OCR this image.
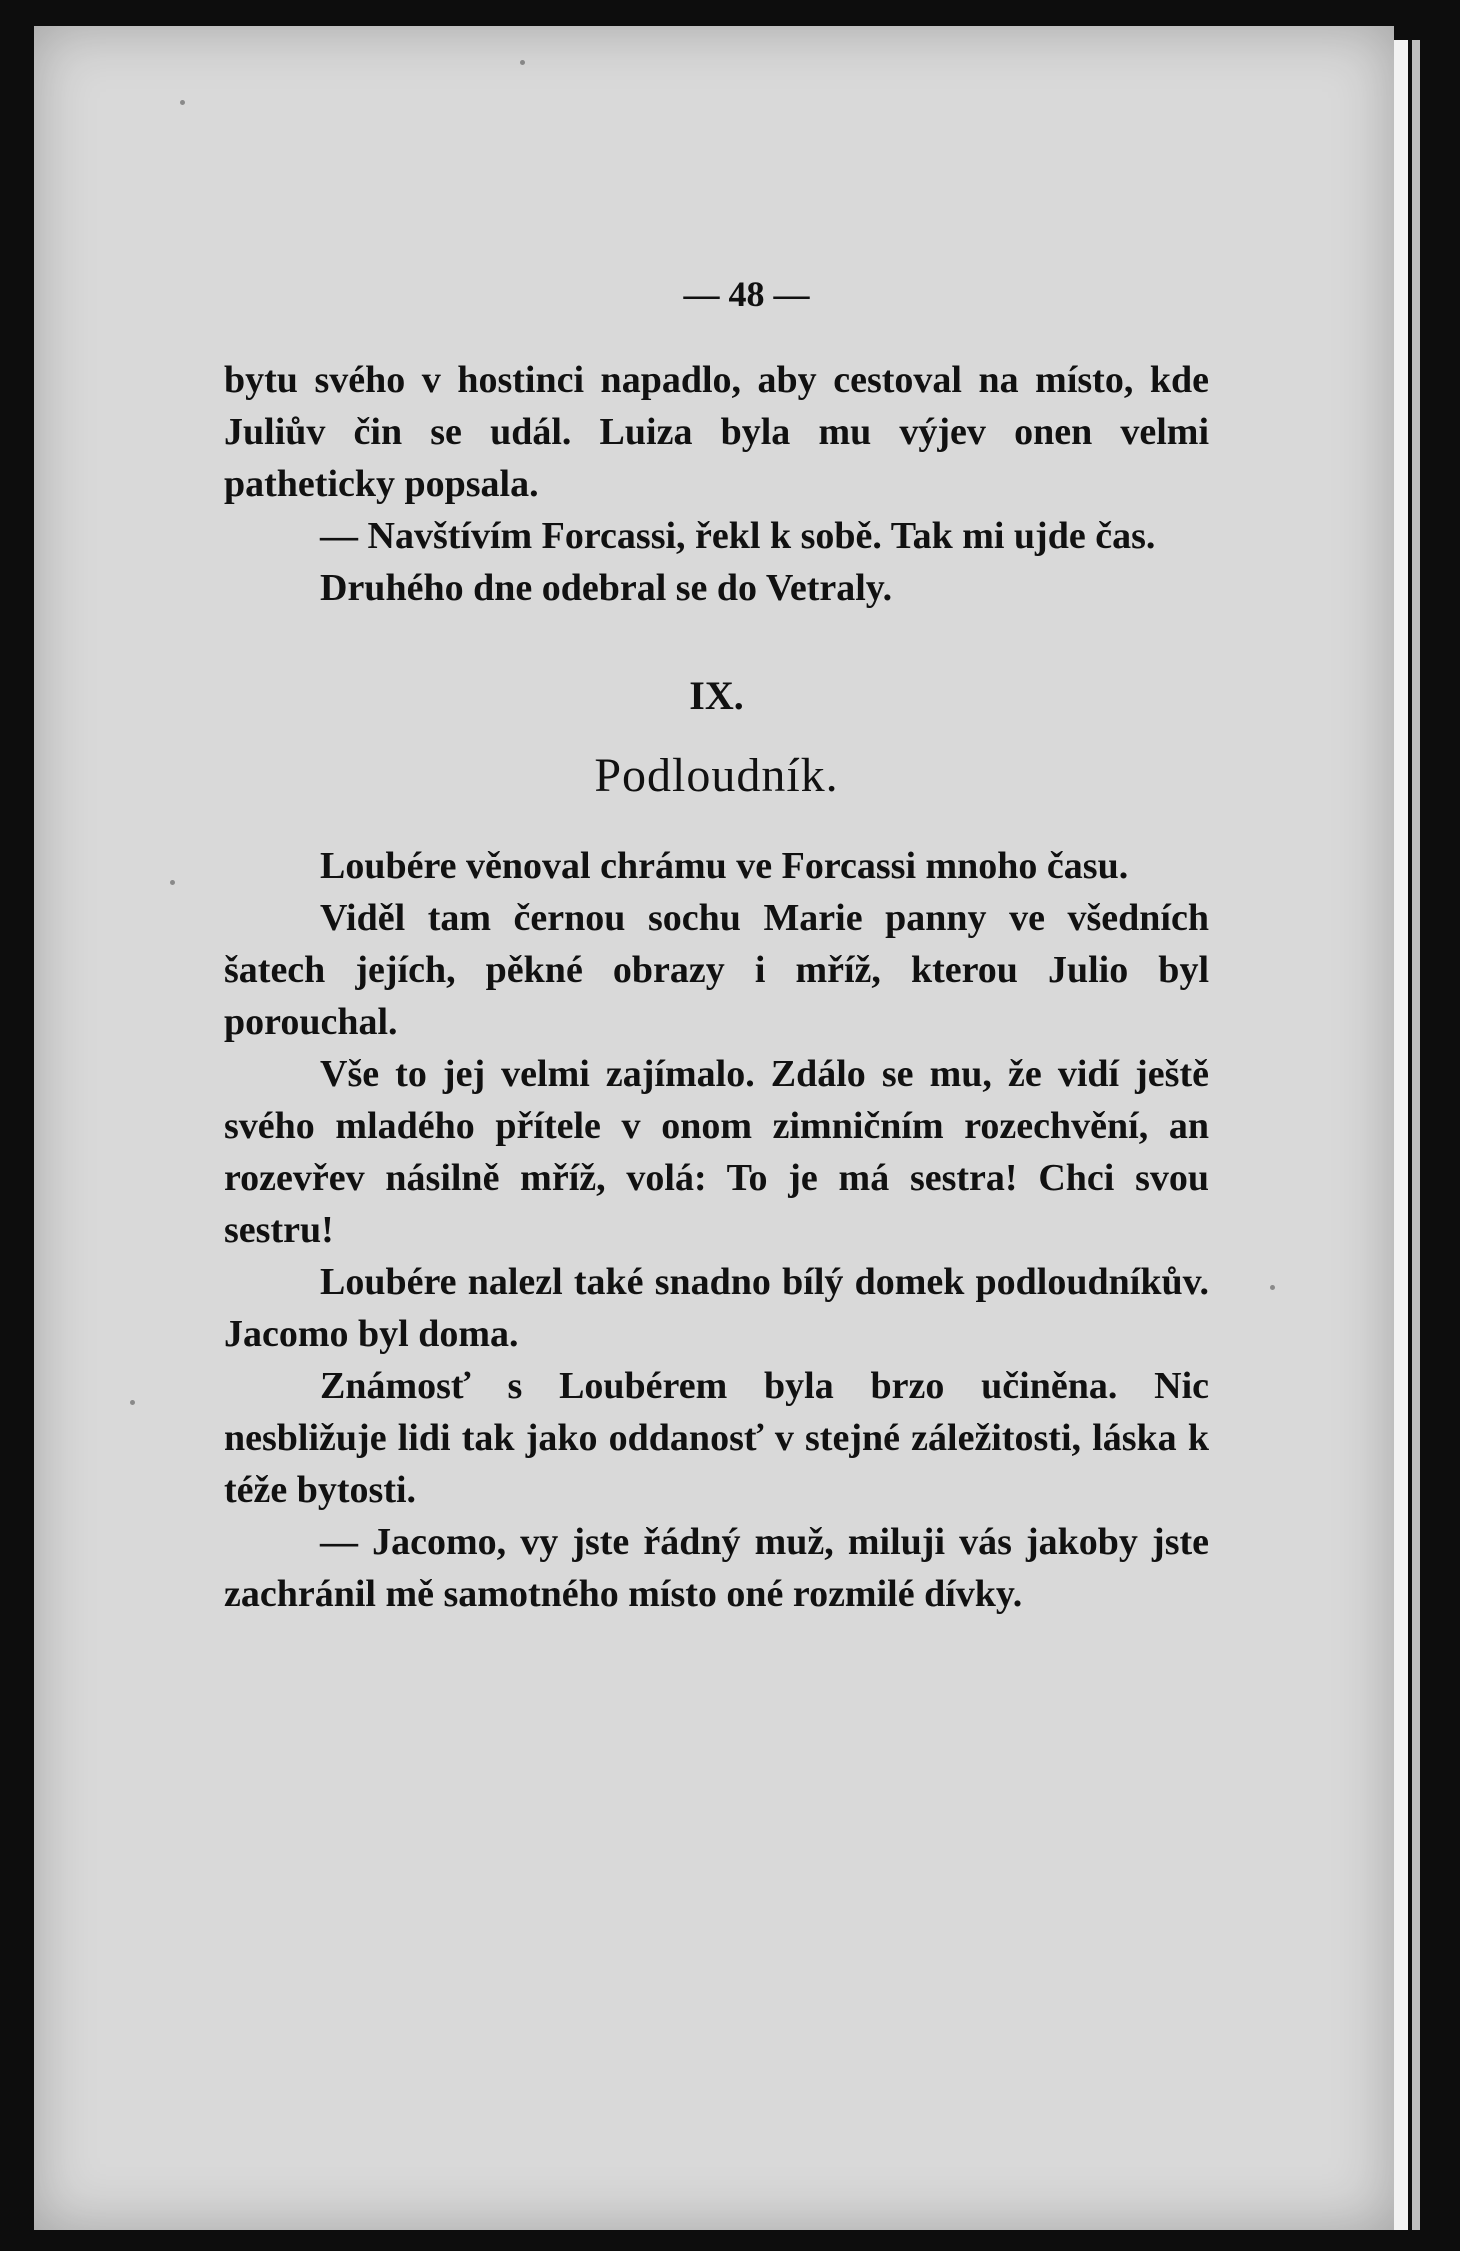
— 48 —

bytu svého v hostinci napadlo, aby cestoval na místo, kde Juliův čin se udál. Luiza byla mu výjev onen velmi patheticky popsala.

— Navštívím Forcassi, řekl k sobě. Tak mi ujde čas.

Druhého dne odebral se do Vetraly.

IX.
Podloudník.

Loubére věnoval chrámu ve Forcassi mnoho času.

Viděl tam černou sochu Marie panny ve všedních šatech jejích, pěkné obrazy i mříž, kterou Julio byl porouchal.

Vše to jej velmi zajímalo. Zdálo se mu, že vidí ještě svého mladého přítele v onom zimničním rozechvění, an rozevřev násilně mříž, volá: To je má sestra! Chci svou sestru!

Loubére nalezl také snadno bílý domek podloudníkův. Jacomo byl doma.

Známosť s Loubérem byla brzo učiněna. Nic nesbližuje lidi tak jako oddanosť v stejné záležitosti, láska k téže bytosti.

— Jacomo, vy jste řádný muž, miluji vás jakoby jste zachránil mě samotného místo oné rozmilé dívky.
